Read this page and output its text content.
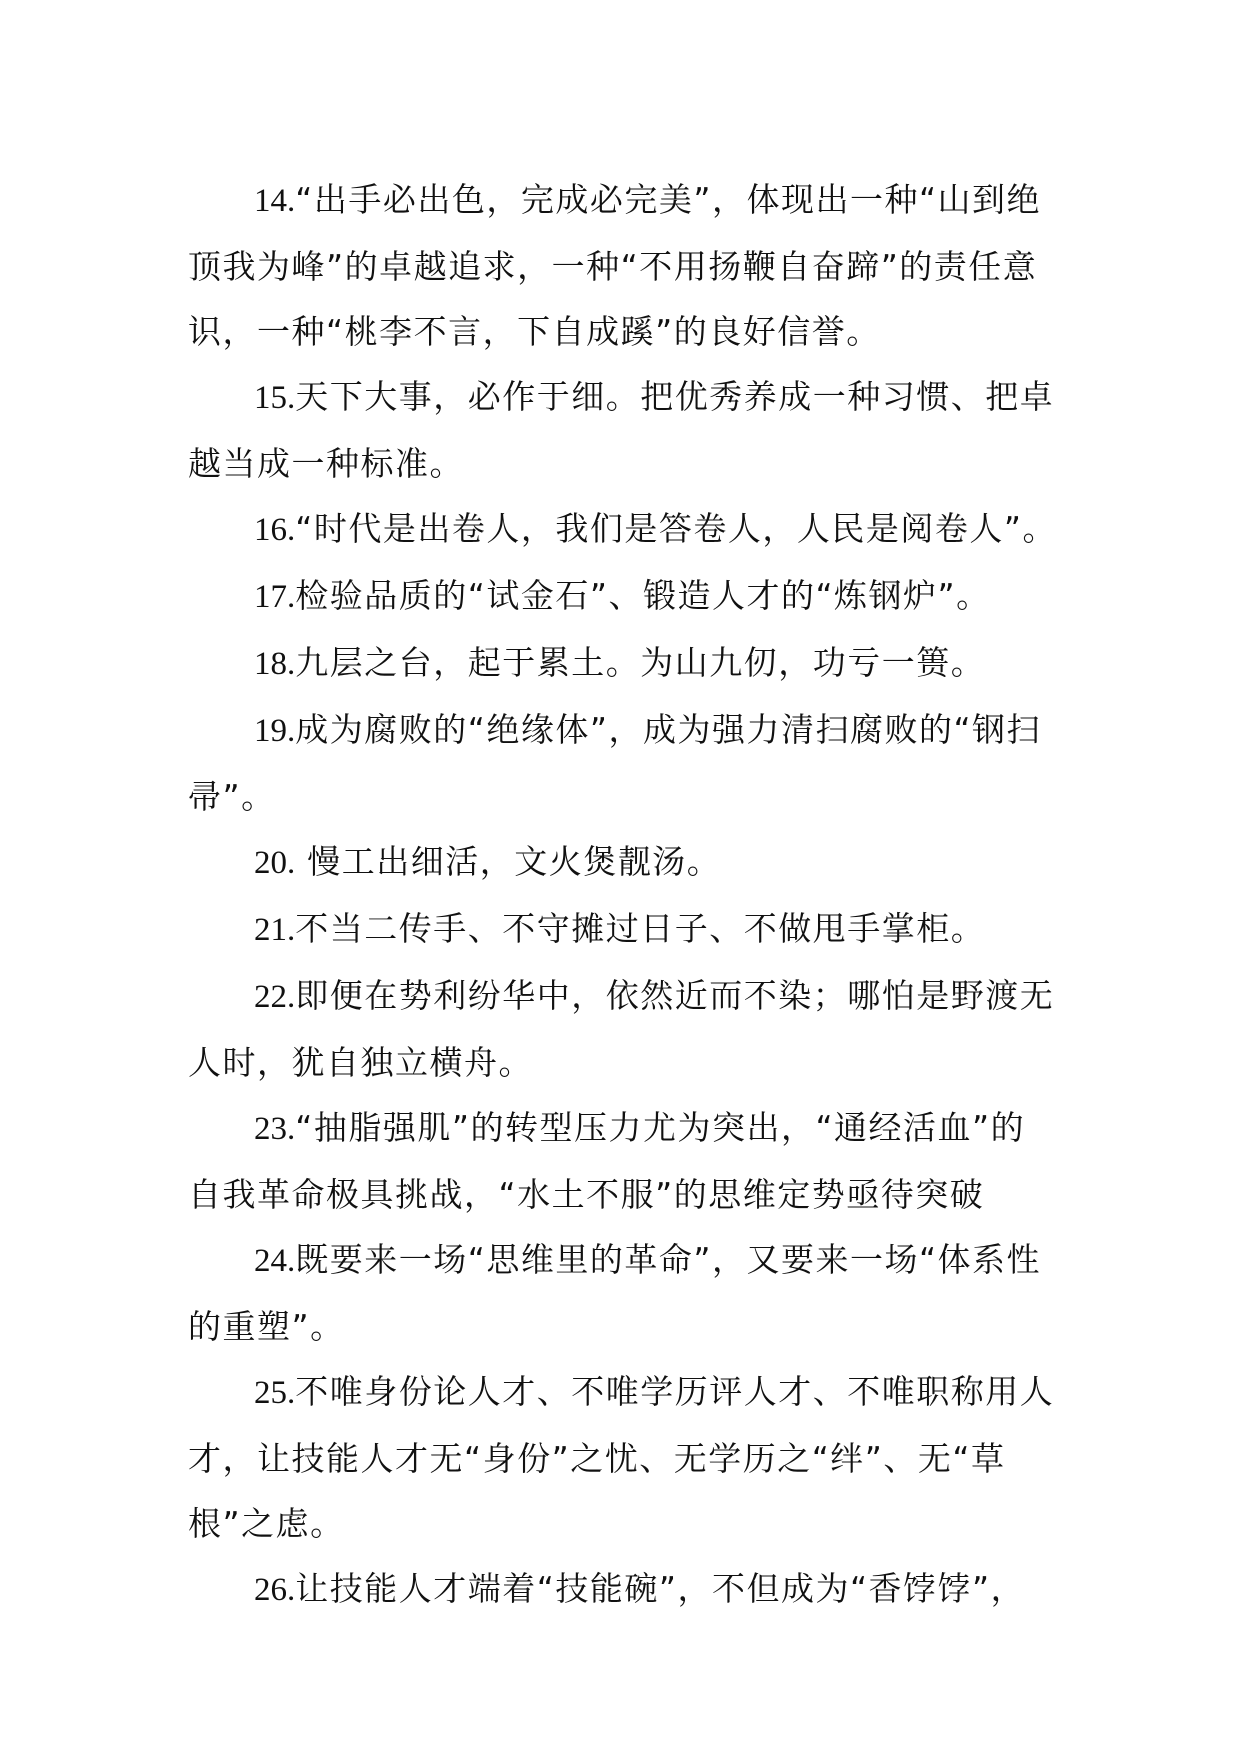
14.“出手必出色，完成必完美”，体现出一种“山到绝顶我为峰”的卓越追求，一种“不用扬鞭自奋蹄”的责任意识，一种“桃李不言，下自成蹊”的良好信誉。

15.天下大事，必作于细。把优秀养成一种习惯、把卓越当成一种标准。

16.“时代是出卷人，我们是答卷人，人民是阅卷人”。

17.检验品质的“试金石”、锻造人才的“炼钢炉”。

18.九层之台，起于累土。为山九仞，功亏一篑。

19.成为腐败的“绝缘体”，成为强力清扫腐败的“钢扫帚”。

20. 慢工出细活，文火煲靓汤。

21.不当二传手、不守摊过日子、不做甩手掌柜。

22.即便在势利纷华中，依然近而不染；哪怕是野渡无人时，犹自独立横舟。

23.“抽脂强肌”的转型压力尤为突出，“通经活血”的自我革命极具挑战，“水土不服”的思维定势亟待突破

24.既要来一场“思维里的革命”，又要来一场“体系性的重塑”。

25.不唯身份论人才、不唯学历评人才、不唯职称用人才，让技能人才无“身份”之忧、无学历之“绊”、无“草根”之虑。

26.让技能人才端着“技能碗”，不但成为“香饽饽”，
